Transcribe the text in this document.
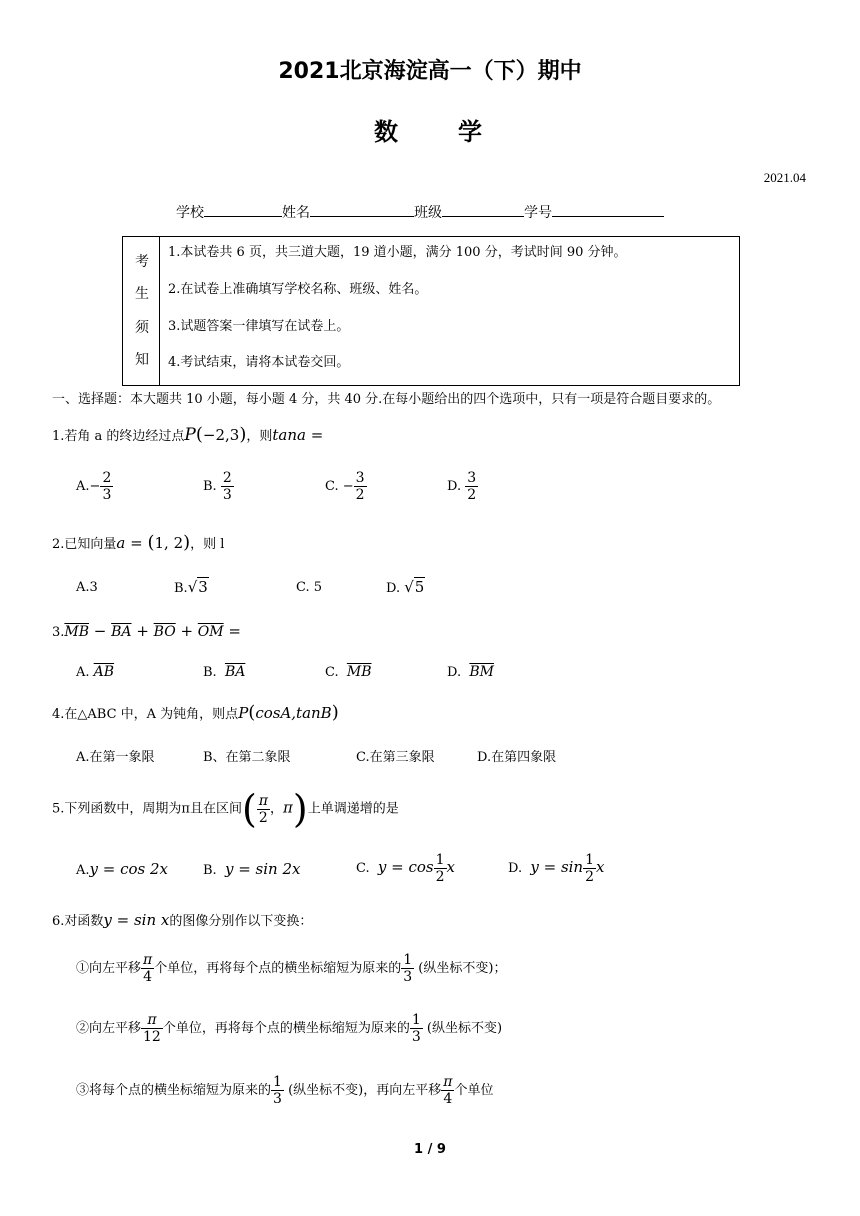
2021北京海淀高一（下）期中
数 学
2021.04
学校	姓名	班级	学号
考
生
须
知
1.本试卷共 6 页，共三道大题，19 道小题，满分 100 分，考试时间 90 分钟。
2.在试卷上准确填写学校名称、班级、姓名。
3.试题答案一律填写在试卷上。
4.考试结束，请将本试卷交回。
一、选择题：本大题共 10 小题，每小题 4 分，共 40 分.在每小题给出的四个选项中，只有一项是符合题目要求的。
1.若角 a 的终边经过点P(−2,3)，则tana =
$A.- \frac{2}{3}$	B. $\frac{2}{3}$	C. − $\frac{3}{2}$	D. $\frac{3}{2}$
2.已知向量a = (1, 2)，则 l
A.3	B.√3	C. 5	D. √5
$3.\overline{MB} - \overline{BA} + \overline{BO} + \overline{OM}$ =
A. $\overline{AB}$	B. $\overline{BA}$	C. $\overline{MB}$	D. $\overline{BM}$
4.在△ABC 中，A 为钝角，则点P(cosA,tanB)
A.在第一象限	B、在第二象限	C.在第三象限	D.在第四象限
5.下列函数中，周期为π且在区间( $\frac{\pi}{2}$ ，π)上单调递增的是
A.y = cos 2x	B. y = sin 2x	C. $y = \cos \frac{1}{2}$ x	D. $y = \sin \frac{1}{2}$ x
6.对函数y = sin x的图像分别作以下变换：
①向左平移 $\frac{\pi}{4}$ 个单位，再将每个点的横坐标缩短为原来的 $\frac{1}{3}$ (纵坐标不变)；
②向左平移 $\frac{\pi}{12}$ 个单位，再将每个点的横坐标缩短为原来的 $\frac{1}{3}$ (纵坐标不变)
③将每个点的横坐标缩短为原来的 $\frac{1}{3}$ (纵坐标不变)，再向左平移 $\frac{\pi}{4}$ 个单位
1 / 9
